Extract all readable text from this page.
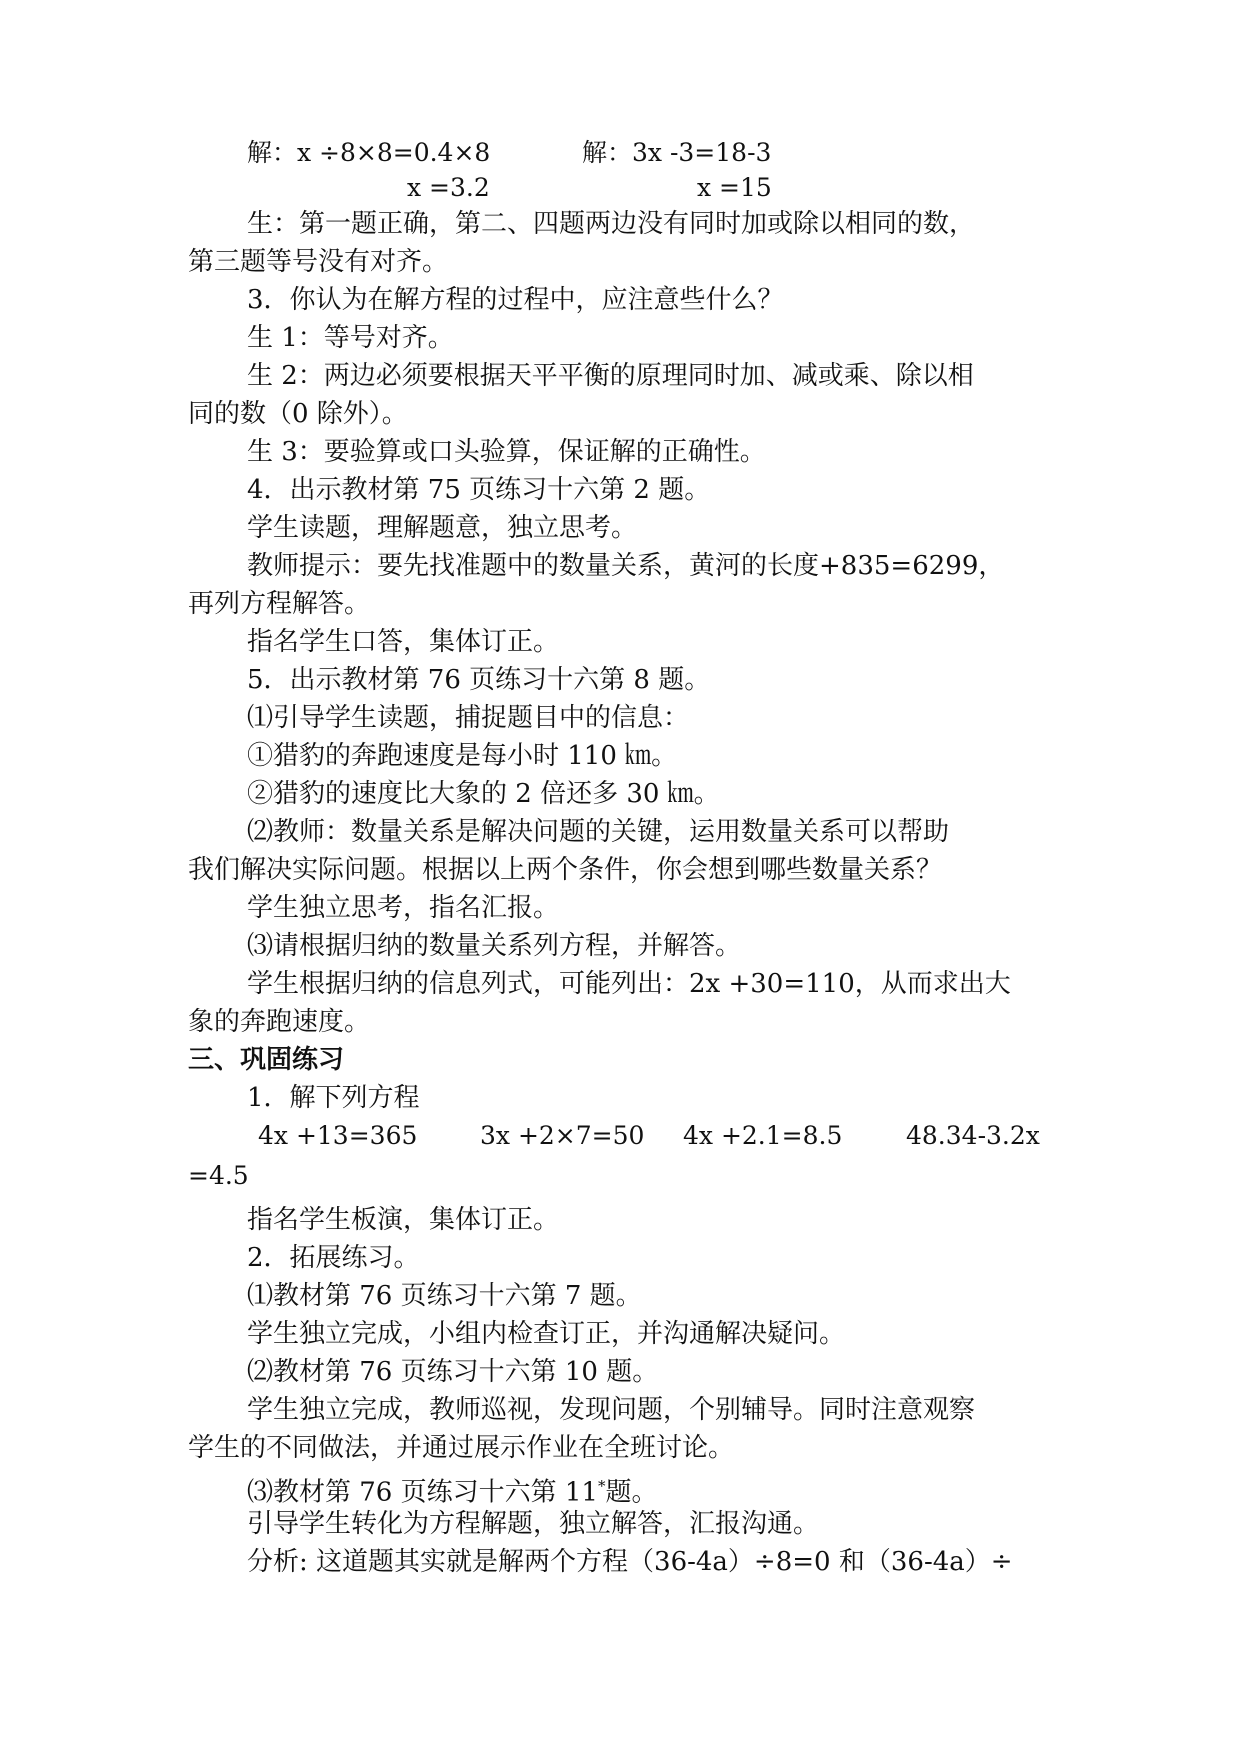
解：x ÷8×8=0.4×8	解：3x -3=18-3
x =3.2	x =15
生：第一题正确，第二、四题两边没有同时加或除以相同的数，
第三题等号没有对齐。
3．你认为在解方程的过程中，应注意些什么？
生 1：等号对齐。
生 2：两边必须要根据天平平衡的原理同时加、减或乘、除以相
同的数（0 除外）。
生 3：要验算或口头验算，保证解的正确性。
4．出示教材第 75 页练习十六第 2 题。
学生读题，理解题意，独立思考。
教师提示：要先找准题中的数量关系，黄河的长度+835=6299，
再列方程解答。
指名学生口答，集体订正。
5．出示教材第 76 页练习十六第 8 题。
⑴引导学生读题，捕捉题目中的信息：
①猎豹的奔跑速度是每小时 110 ㎞。
②猎豹的速度比大象的 2 倍还多 30 ㎞。
⑵教师：数量关系是解决问题的关键，运用数量关系可以帮助
我们解决实际问题。根据以上两个条件，你会想到哪些数量关系？
学生独立思考，指名汇报。
⑶请根据归纳的数量关系列方程，并解答。
学生根据归纳的信息列式，可能列出：2x +30=110，从而求出大
象的奔跑速度。
三、巩固练习
1．解下列方程
4x +13=365	3x +2×7=50 4x +2.1=8.5	48.34-3.2x
=4.5
指名学生板演，集体订正。
2．拓展练习。
⑴教材第 76 页练习十六第 7 题。
学生独立完成，小组内检查订正，并沟通解决疑问。
⑵教材第 76 页练习十六第 10 题。
学生独立完成，教师巡视，发现问题，个别辅导。同时注意观察
学生的不同做法，并通过展示作业在全班讨论。
⑶教材第 76 页练习十六第 11*题。
引导学生转化为方程解题，独立解答，汇报沟通。
分析: 这道题其实就是解两个方程（36-4a）÷8=0 和（36-4a）÷
